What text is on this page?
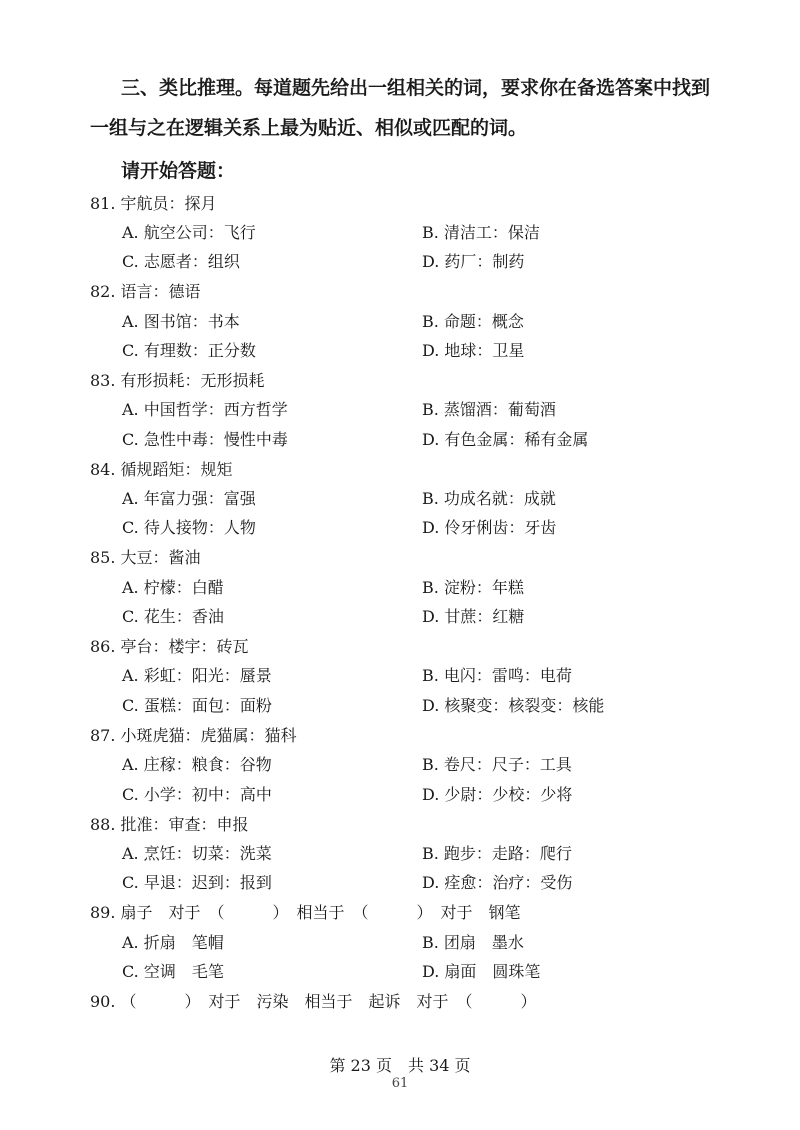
三、类比推理。每道题先给出一组相关的词，要求你在备选答案中找到
一组与之在逻辑关系上最为贴近、相似或匹配的词。
请开始答题：
81. 宇航员：探月
A. 航空公司：飞行	B. 清洁工：保洁
C. 志愿者：组织	D. 药厂：制药
82. 语言：德语
A. 图书馆：书本	B. 命题：概念
C. 有理数：正分数	D. 地球：卫星
83. 有形损耗：无形损耗
A. 中国哲学：西方哲学	B. 蒸馏酒：葡萄酒
C. 急性中毒：慢性中毒	D. 有色金属：稀有金属
84. 循规蹈矩：规矩
A. 年富力强：富强	B. 功成名就：成就
C. 待人接物：人物	D. 伶牙俐齿：牙齿
85. 大豆：酱油
A. 柠檬：白醋	B. 淀粉：年糕
C. 花生：香油	D. 甘蔗：红糖
86. 亭台：楼宇：砖瓦
A. 彩虹：阳光：蜃景	B. 电闪：雷鸣：电荷
C. 蛋糕：面包：面粉	D. 核聚变：核裂变：核能
87. 小斑虎猫：虎猫属：猫科
A. 庄稼：粮食：谷物	B. 卷尺：尺子：工具
C. 小学：初中：高中	D. 少尉：少校：少将
88. 批准：审查：申报
A. 烹饪：切菜：洗菜	B. 跑步：走路：爬行
C. 早退：迟到：报到	D. 痊愈：治疗：受伤
89. 扇子　对于　（　　　）　相当于　（　　　）　对于　钢笔
A. 折扇　笔帽	B. 团扇　墨水
C. 空调　毛笔	D. 扇面　圆珠笔
90. （　　　）　对于　污染　相当于　起诉　对于　（　　　）
第 23 页　共 34 页
61
